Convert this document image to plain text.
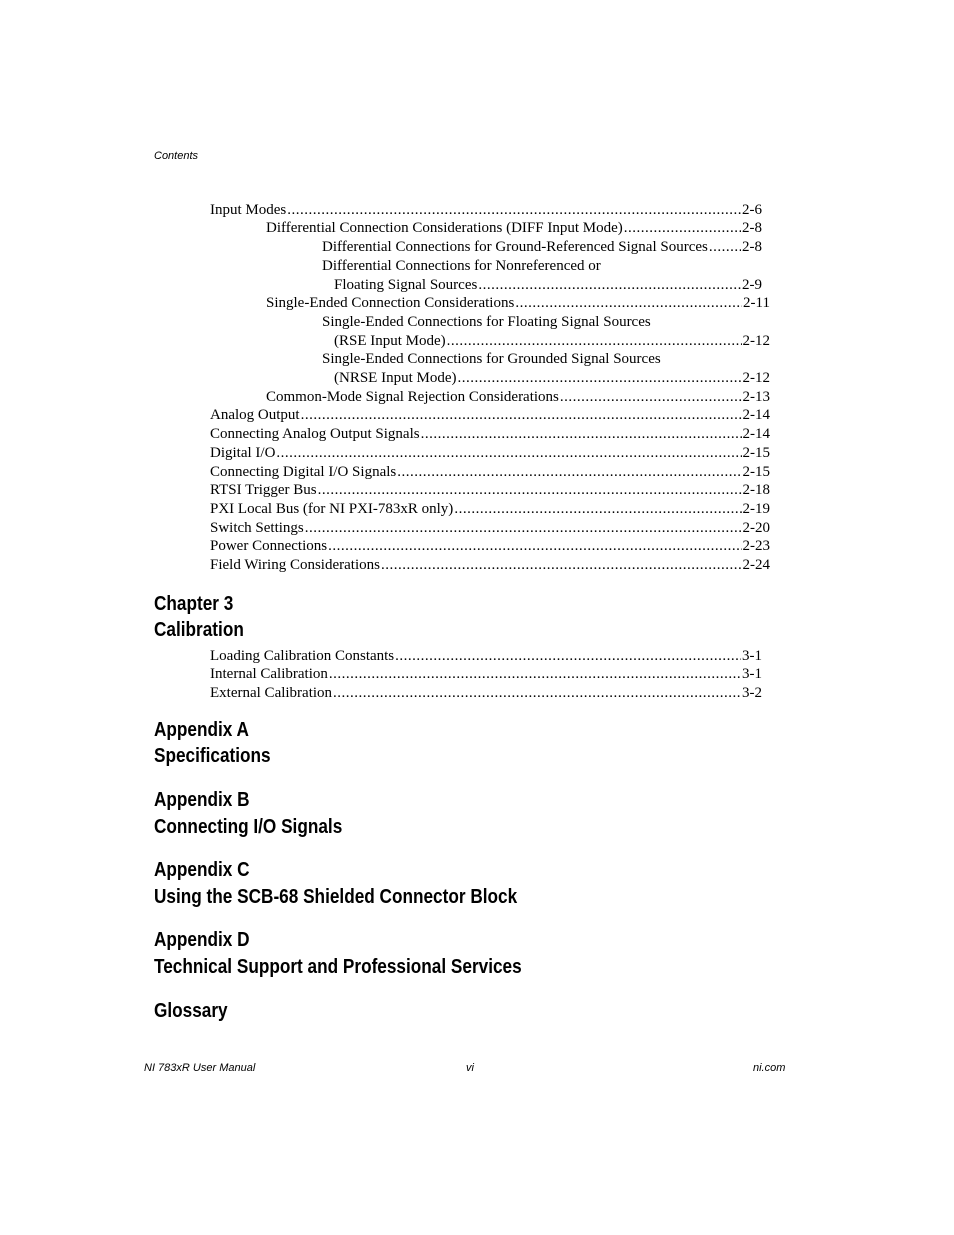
Contents
Input Modes .....	2-6
Differential Connection Considerations (DIFF Input Mode) .....	2-8
Differential Connections for Ground-Referenced Signal Sources ..... 2-8
Differential Connections for Nonreferenced or
Floating Signal Sources .....	2-9
Single-Ended Connection Considerations .....	2-11
Single-Ended Connections for Floating Signal Sources
(RSE Input Mode) .....	2-12
Single-Ended Connections for Grounded Signal Sources
(NRSE Input Mode) .....	2-12
Common-Mode Signal Rejection Considerations .....	2-13
Analog Output .....	2-14
Connecting Analog Output Signals .....	2-14
Digital I/O .....	2-15
Connecting Digital I/O Signals .....	2-15
RTSI Trigger Bus .....	2-18
PXI Local Bus (for NI PXI-783xR only) .....	2-19
Switch Settings .....	2-20
Power Connections .....	2-23
Field Wiring Considerations .....	2-24
Chapter 3
Calibration
Loading Calibration Constants .....	3-1
Internal Calibration .....	3-1
External Calibration .....	3-2
Appendix A
Specifications
Appendix B
Connecting I/O Signals
Appendix C
Using the SCB-68 Shielded Connector Block
Appendix D
Technical Support and Professional Services
Glossary
NI 783xR User Manual	vi	ni.com
